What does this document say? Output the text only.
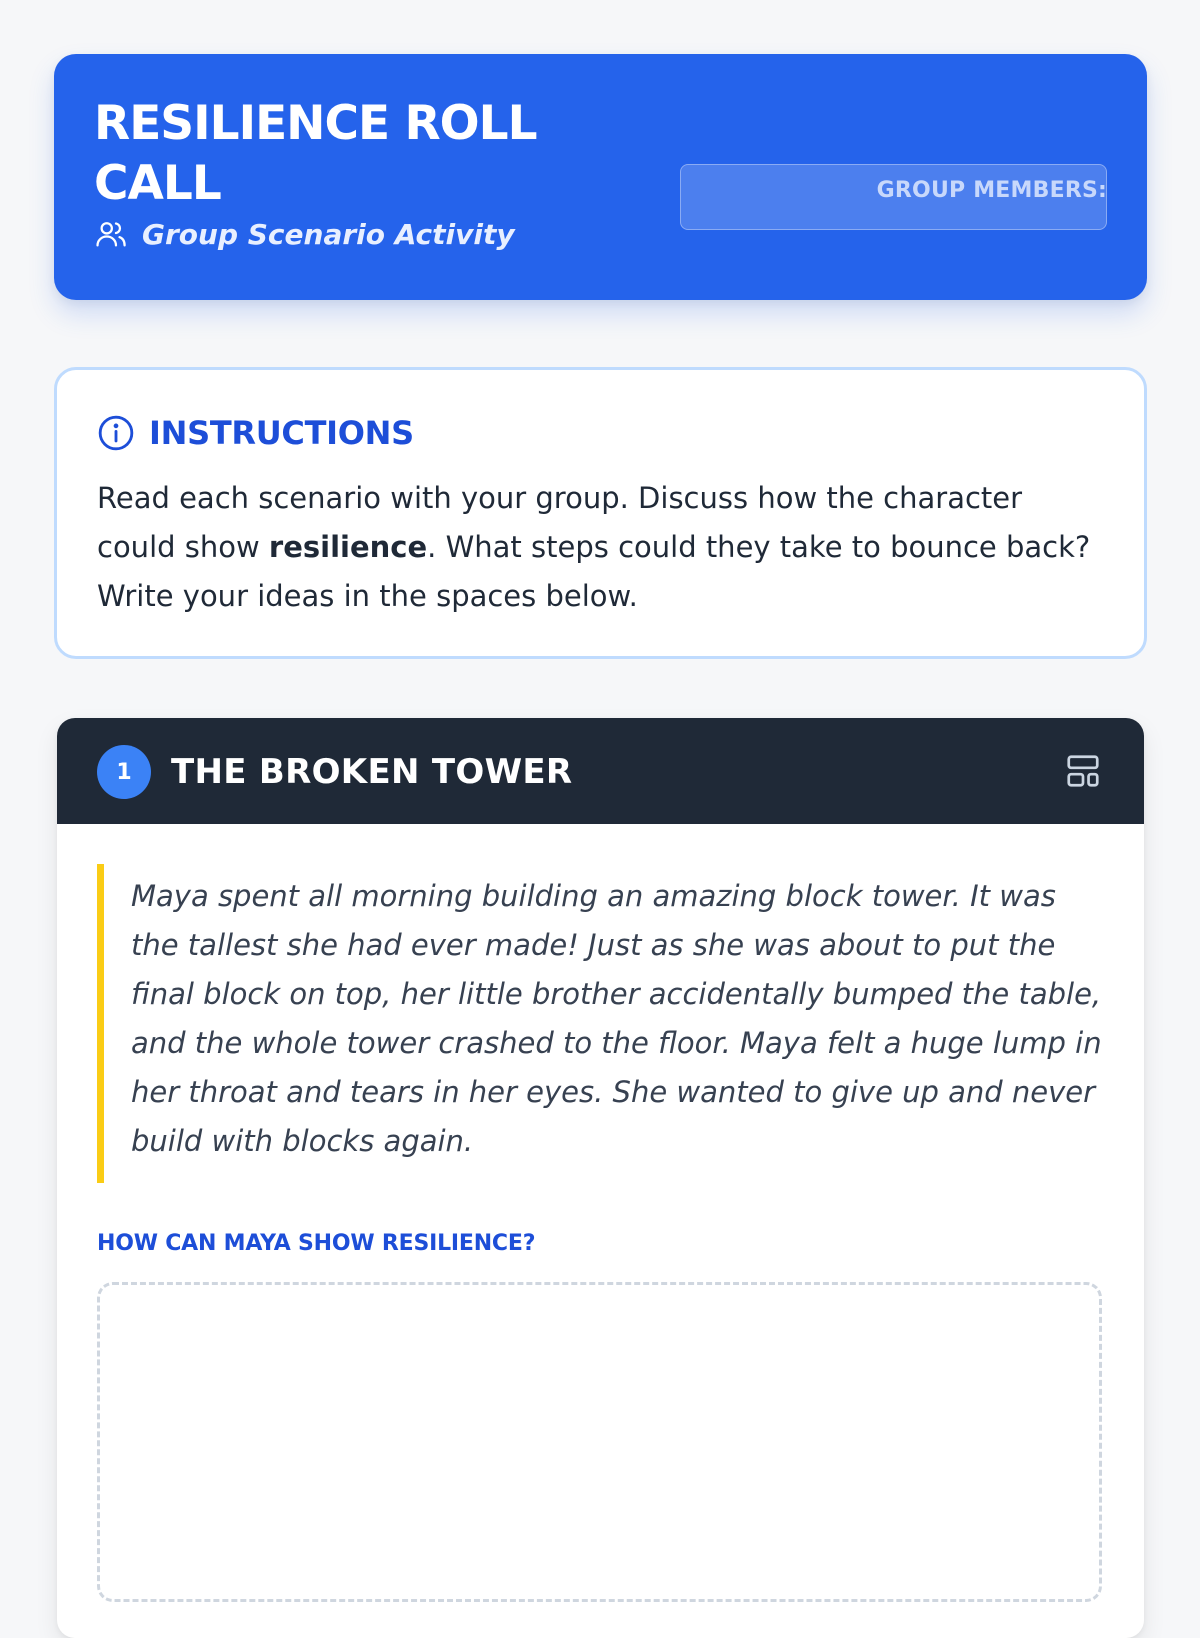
RESILIENCE ROLL CALL
Group Scenario Activity
GROUP MEMBERS:
INSTRUCTIONS

Read each scenario with your group. Discuss how the character could show resilience. What steps could they take to bounce back? Write your ideas in the spaces below.

1	THE BROKEN TOWER
Maya spent all morning building an amazing block tower. It was the tallest she had ever made! Just as she was about to put the final block on top, her little brother accidentally bumped the table, and the whole tower crashed to the floor. Maya felt a huge lump in her throat and tears in her eyes. She wanted to give up and never build with blocks again.
HOW CAN MAYA SHOW RESILIENCE?
